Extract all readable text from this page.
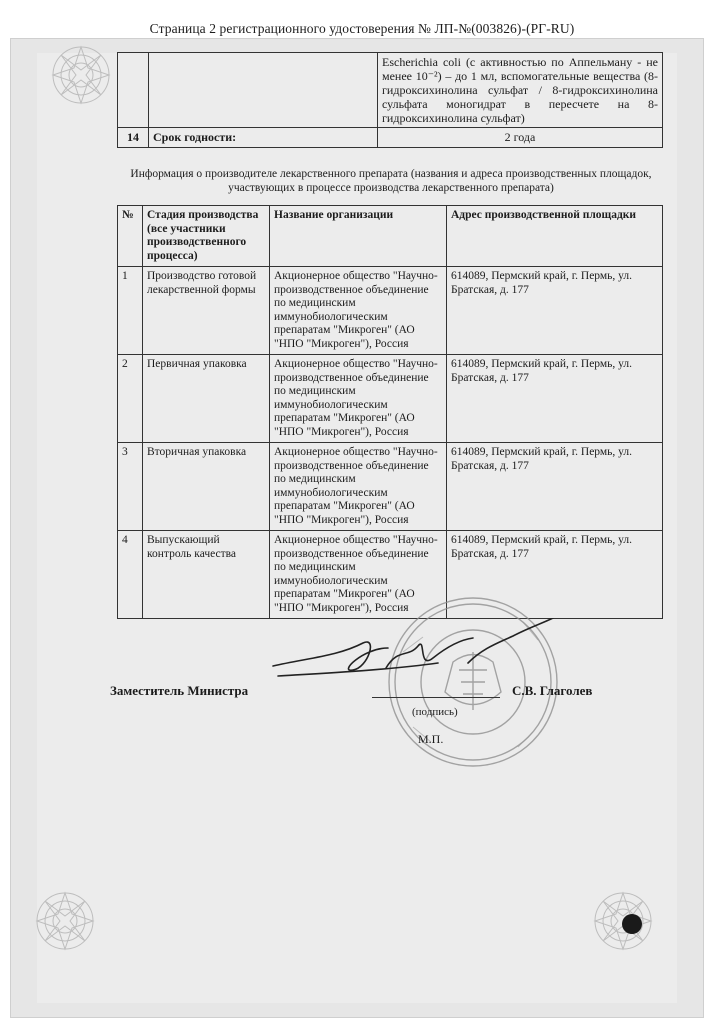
Страница 2 регистрационного удостоверения № ЛП-№(003826)-(РГ-RU)
		Escherichia coli (с активностью по Аппельману - не менее 10⁻²) – до 1 мл, вспомогательные вещества (8-гидроксихинолина сульфат / 8-гидроксихинолина сульфата моногидрат в пересчете на 8-гидроксихинолина сульфат)
14	Срок годности:	2 года
Информация о производителе лекарственного препарата (названия и адреса производственных площадок, участвующих в процессе производства лекарственного препарата)
№	Стадия производства (все участники производственного процесса)	Название организации	Адрес производственной площадки
1	Производство готовой лекарственной формы	Акционерное общество "Научно-производственное объединение по медицинским иммунобиологическим препаратам "Микроген" (АО "НПО "Микроген"), Россия	614089, Пермский край, г. Пермь, ул. Братская, д. 177
2	Первичная упаковка	Акционерное общество "Научно-производственное объединение по медицинским иммунобиологическим препаратам "Микроген" (АО "НПО "Микроген"), Россия	614089, Пермский край, г. Пермь, ул. Братская, д. 177
3	Вторичная упаковка	Акционерное общество "Научно-производственное объединение по медицинским иммунобиологическим препаратам "Микроген" (АО "НПО "Микроген"), Россия	614089, Пермский край, г. Пермь, ул. Братская, д. 177
4	Выпускающий контроль качества	Акционерное общество "Научно-производственное объединение по медицинским иммунобиологическим препаратам "Микроген" (АО "НПО "Микроген"), Россия	614089, Пермский край, г. Пермь, ул. Братская, д. 177
Заместитель Министра
(подпись)
С.В. Глаголев
М.П.
